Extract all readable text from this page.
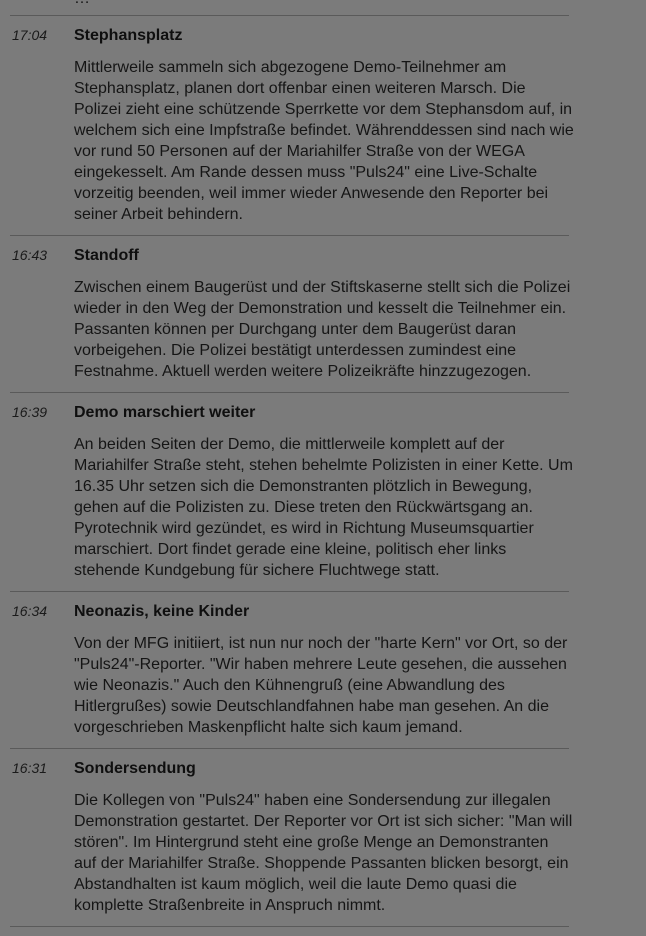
17:04 Stephansplatz
Mittlerweile sammeln sich abgezogene Demo-Teilnehmer am Stephansplatz, planen dort offenbar einen weiteren Marsch. Die Polizei zieht eine schützende Sperrkette vor dem Stephansdom auf, in welchem sich eine Impfstraße befindet. Währenddessen sind nach wie vor rund 50 Personen auf der Mariahilfer Straße von der WEGA eingekesselt. Am Rande dessen muss "Puls24" eine Live-Schalte vorzeitig beenden, weil immer wieder Anwesende den Reporter bei seiner Arbeit behindern.
16:43 Standoff
Zwischen einem Baugerüst und der Stiftskaserne stellt sich die Polizei wieder in den Weg der Demonstration und kesselt die Teilnehmer ein. Passanten können per Durchgang unter dem Baugerüst daran vorbeigehen. Die Polizei bestätigt unterdessen zumindest eine Festnahme. Aktuell werden weitere Polizeikräfte hinzzugezogen.
16:39 Demo marschiert weiter
An beiden Seiten der Demo, die mittlerweile komplett auf der Mariahilfer Straße steht, stehen behelmte Polizisten in einer Kette. Um 16.35 Uhr setzen sich die Demonstranten plötzlich in Bewegung, gehen auf die Polizisten zu. Diese treten den Rückwärtsgang an. Pyrotechnik wird gezündet, es wird in Richtung Museumsquartier marschiert. Dort findet gerade eine kleine, politisch eher links stehende Kundgebung für sichere Fluchtwege statt.
16:34 Neonazis, keine Kinder
Von der MFG initiiert, ist nun nur noch der "harte Kern" vor Ort, so der "Puls24"-Reporter. "Wir haben mehrere Leute gesehen, die aussehen wie Neonazis." Auch den Kühnengruß (eine Abwandlung des Hitlergrußes) sowie Deutschlandfahnen habe man gesehen. An die vorgeschrieben Maskenpflicht halte sich kaum jemand.
16:31 Sondersendung
Die Kollegen von "Puls24" haben eine Sondersendung zur illegalen Demonstration gestartet. Der Reporter vor Ort ist sich sicher: "Man will stören". Im Hintergrund steht eine große Menge an Demonstranten auf der Mariahilfer Straße. Shoppende Passanten blicken besorgt, ein Abstandhalten ist kaum möglich, weil die laute Demo quasi die komplette Straßenbreite in Anspruch nimmt.
